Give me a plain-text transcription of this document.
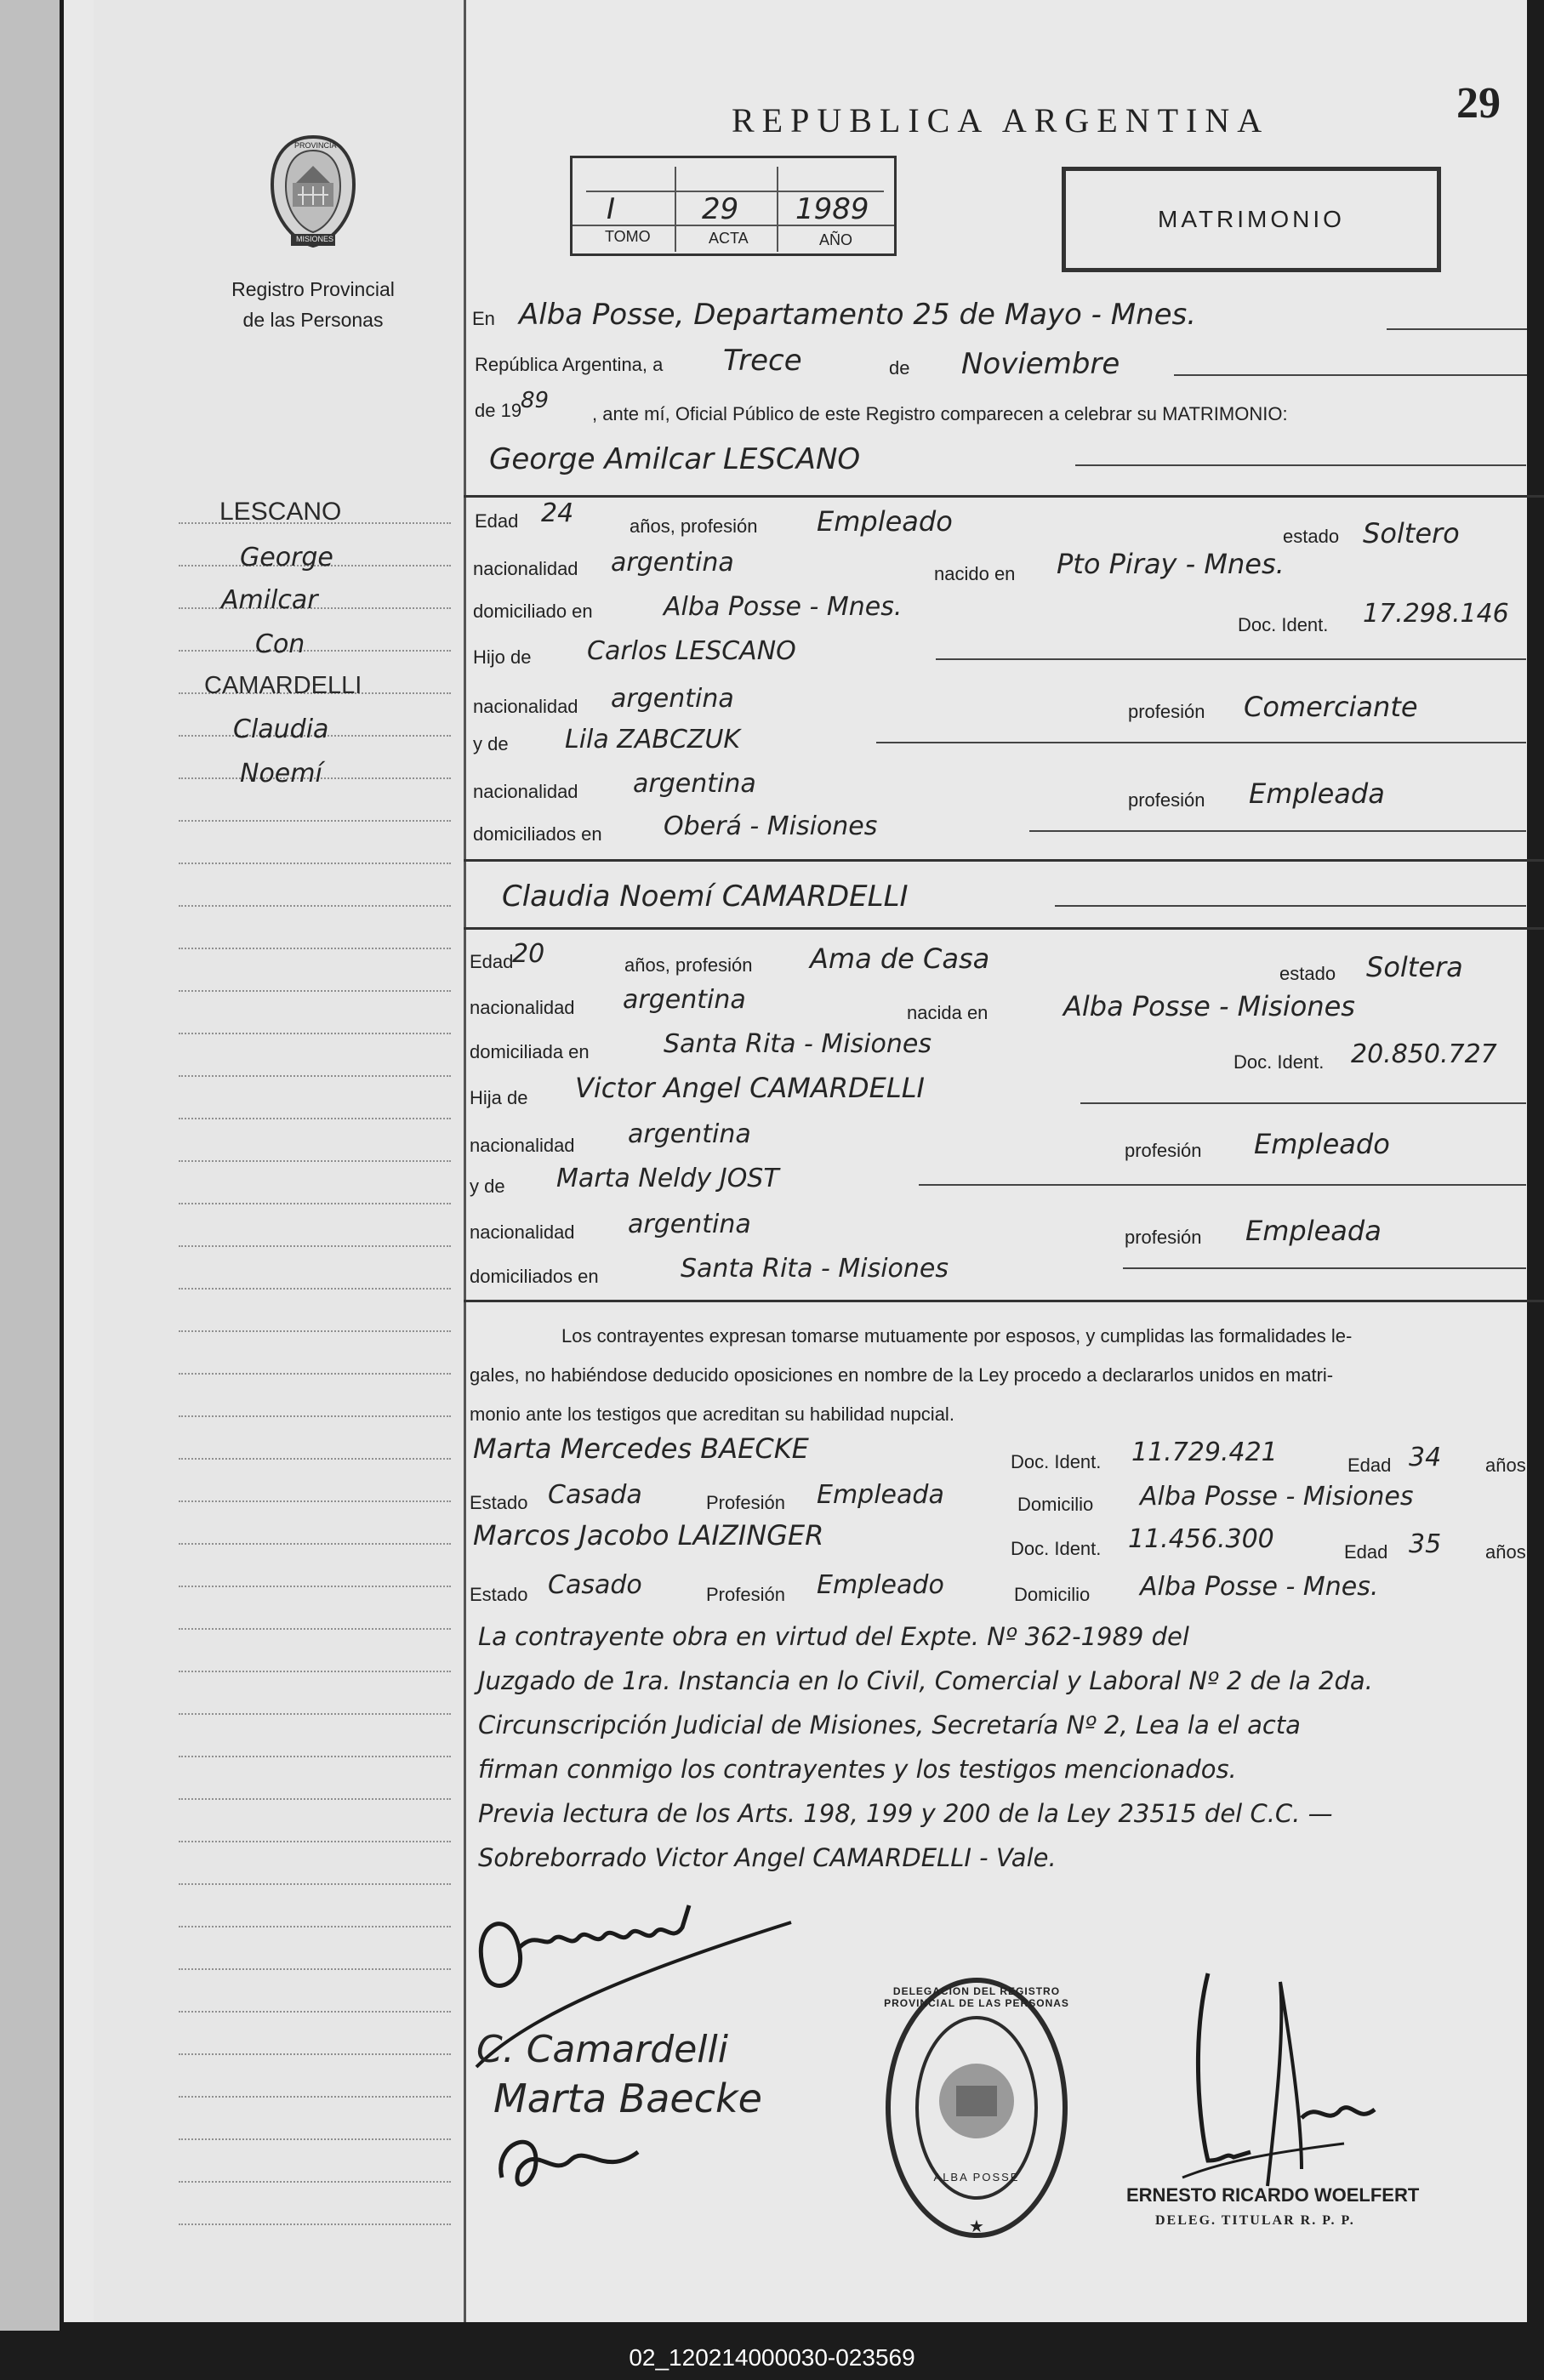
29
REPUBLICA ARGENTINA
MATRIMONIO
I	29 1989
TOMO	ACTA	AÑO
PROVINCIA
MISIONES
Registro Provincial
de las Personas
LESCANO
George
Amilcar
Con
CAMARDELLI
Claudia
Noemí
En Alba Posse, Departamento 25 de Mayo - Mnes.
República Argentina, a Trece	de Noviembre
de 19
89
, ante mí, Oficial Público de este Registro comparecen a celebrar su MATRIMONIO:
George Amilcar LESCANO
Edad 24	años, profesión Empleado	estado Soltero
nacionalidad argentina	nacido en Pto Piray - Mnes.
domiciliado en	Alba Posse - Mnes.
Doc. Ident. 17.298.146
Hijo de Carlos LESCANO
nacionalidad argentina	profesión Comerciante
y de Lila ZABCZUK
nacionalidad argentina
profesión Empleada
domiciliados en Oberá - Misiones
Claudia Noemí CAMARDELLI
Edad
20	años, profesión Ama de Casa	estado Soltera
nacionalidad argentina	nacida en	Alba Posse - Misiones
domiciliada en	Santa Rita - Misiones
Doc. Ident. 20.850.727
Hija de Victor Angel CAMARDELLI
nacionalidad argentina
profesión Empleado
y de Marta Neldy JOST
nacionalidad argentina	profesión Empleada
domiciliados en	Santa Rita - Misiones
Los contrayentes expresan tomarse mutuamente por esposos, y cumplidas las formalidades le-
gales, no habiéndose deducido oposiciones en nombre de la Ley procedo a declararlos unidos en matri-
monio ante los testigos que acreditan su habilidad nupcial.
Marta Mercedes BAECKE	Doc. Ident. 11.729.421	Edad 34 años
Estado Casada	Profesión Empleada	Domicilio Alba Posse - Misiones
Marcos Jacobo LAIZINGER	Doc. Ident. 11.456.300	Edad 35 años
Estado Casado	Profesión Empleado	Domicilio Alba Posse - Mnes.
La contrayente obra en virtud del Expte. Nº 362-1989 del
Juzgado de 1ra. Instancia en lo Civil, Comercial y Laboral Nº 2 de la 2da.
Circunscripción Judicial de Misiones, Secretaría Nº 2, Lea la el acta
firman conmigo los contrayentes y los testigos mencionados.
Previa lectura de los Arts. 198, 199 y 200 de la Ley 23515 del C.C. —
Sobreborrado Victor Angel CAMARDELLI - Vale.
C. Camardelli
Marta Baecke
★
DELEGACION DEL REGISTRO PROVINCIAL DE LAS PERSONAS
ALBA POSSE
ERNESTO RICARDO WOELFERT
DELEG. TITULAR R. P. P.
02_120214000030-023569
